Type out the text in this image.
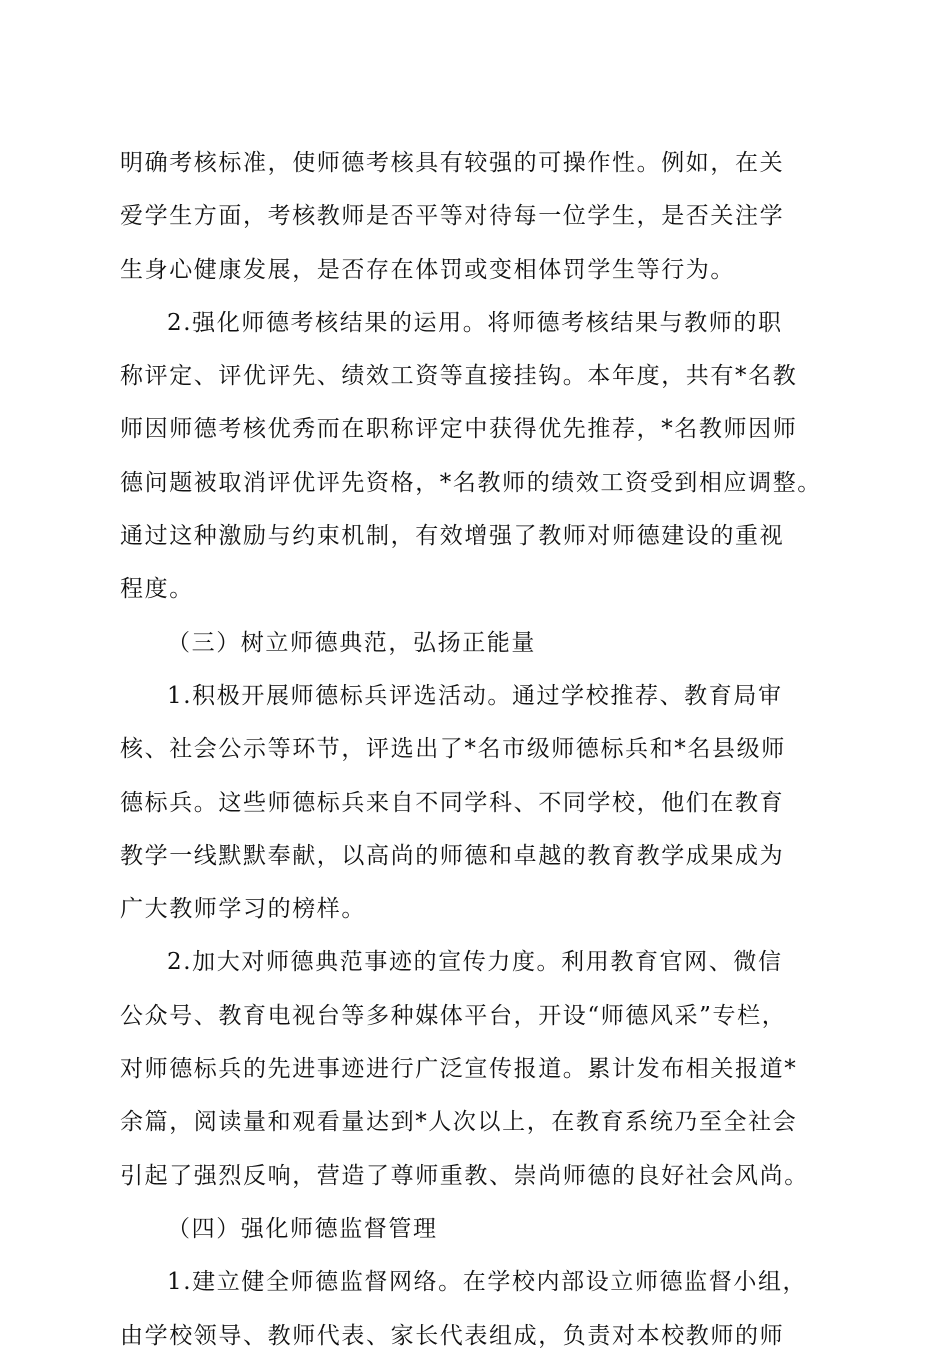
明确考核标准，使师德考核具有较强的可操作性。例如，在关
爱学生方面，考核教师是否平等对待每一位学生，是否关注学
生身心健康发展，是否存在体罚或变相体罚学生等行为。
2.强化师德考核结果的运用。将师德考核结果与教师的职
称评定、评优评先、绩效工资等直接挂钩。本年度，共有*名教
师因师德考核优秀而在职称评定中获得优先推荐，*名教师因师
德问题被取消评优评先资格，*名教师的绩效工资受到相应调整。
通过这种激励与约束机制，有效增强了教师对师德建设的重视
程度。
（三）树立师德典范，弘扬正能量
1.积极开展师德标兵评选活动。通过学校推荐、教育局审
核、社会公示等环节，评选出了*名市级师德标兵和*名县级师
德标兵。这些师德标兵来自不同学科、不同学校，他们在教育
教学一线默默奉献，以高尚的师德和卓越的教育教学成果成为
广大教师学习的榜样。
2.加大对师德典范事迹的宣传力度。利用教育官网、微信
公众号、教育电视台等多种媒体平台，开设“师德风采”专栏，
对师德标兵的先进事迹进行广泛宣传报道。累计发布相关报道*
余篇，阅读量和观看量达到*人次以上，在教育系统乃至全社会
引起了强烈反响，营造了尊师重教、崇尚师德的良好社会风尚。
（四）强化师德监督管理
1.建立健全师德监督网络。在学校内部设立师德监督小组，
由学校领导、教师代表、家长代表组成，负责对本校教师的师
